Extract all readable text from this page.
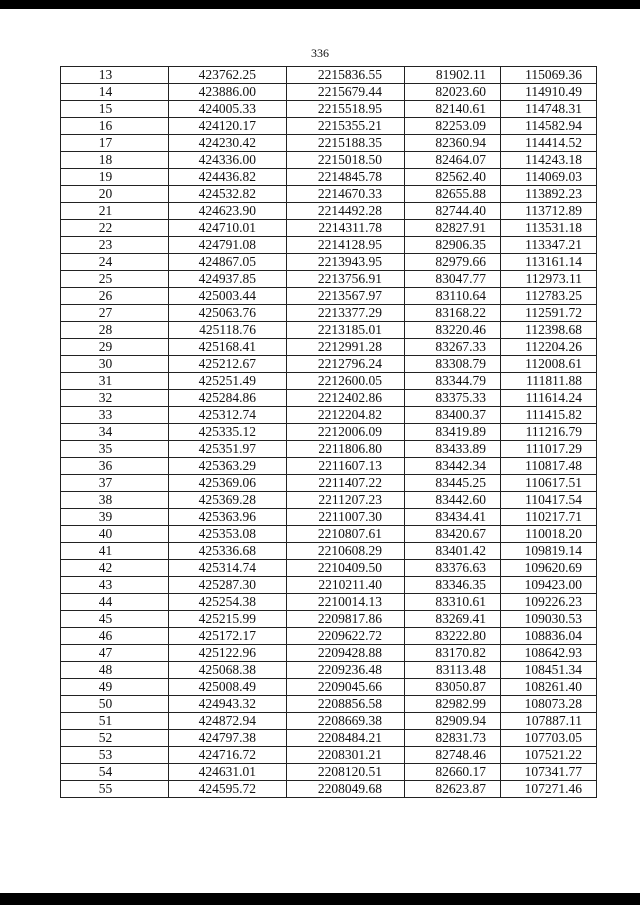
336
13	423762.25	2215836.55	81902.11	115069.36
14	423886.00	2215679.44	82023.60	114910.49
15	424005.33	2215518.95	82140.61	114748.31
16	424120.17	2215355.21	82253.09	114582.94
17	424230.42	2215188.35	82360.94	114414.52
18	424336.00	2215018.50	82464.07	114243.18
19	424436.82	2214845.78	82562.40	114069.03
20	424532.82	2214670.33	82655.88	113892.23
21	424623.90	2214492.28	82744.40	113712.89
22	424710.01	2214311.78	82827.91	113531.18
23	424791.08	2214128.95	82906.35	113347.21
24	424867.05	2213943.95	82979.66	113161.14
25	424937.85	2213756.91	83047.77	112973.11
26	425003.44	2213567.97	83110.64	112783.25
27	425063.76	2213377.29	83168.22	112591.72
28	425118.76	2213185.01	83220.46	112398.68
29	425168.41	2212991.28	83267.33	112204.26
30	425212.67	2212796.24	83308.79	112008.61
31	425251.49	2212600.05	83344.79	111811.88
32	425284.86	2212402.86	83375.33	111614.24
33	425312.74	2212204.82	83400.37	111415.82
34	425335.12	2212006.09	83419.89	111216.79
35	425351.97	2211806.80	83433.89	111017.29
36	425363.29	2211607.13	83442.34	110817.48
37	425369.06	2211407.22	83445.25	110617.51
38	425369.28	2211207.23	83442.60	110417.54
39	425363.96	2211007.30	83434.41	110217.71
40	425353.08	2210807.61	83420.67	110018.20
41	425336.68	2210608.29	83401.42	109819.14
42	425314.74	2210409.50	83376.63	109620.69
43	425287.30	2210211.40	83346.35	109423.00
44	425254.38	2210014.13	83310.61	109226.23
45	425215.99	2209817.86	83269.41	109030.53
46	425172.17	2209622.72	83222.80	108836.04
47	425122.96	2209428.88	83170.82	108642.93
48	425068.38	2209236.48	83113.48	108451.34
49	425008.49	2209045.66	83050.87	108261.40
50	424943.32	2208856.58	82982.99	108073.28
51	424872.94	2208669.38	82909.94	107887.11
52	424797.38	2208484.21	82831.73	107703.05
53	424716.72	2208301.21	82748.46	107521.22
54	424631.01	2208120.51	82660.17	107341.77
55	424595.72	2208049.68	82623.87	107271.46
